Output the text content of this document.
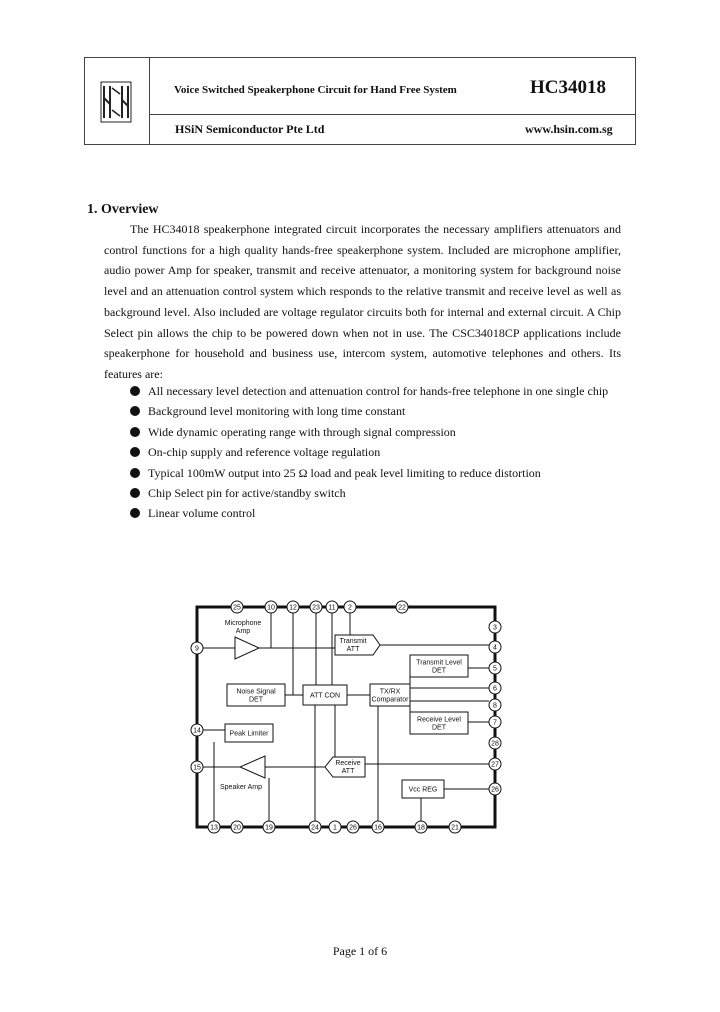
Voice Switched Speakerphone Circuit for Hand Free System	HC34018
HSiN Semiconductor Pte Ltd	www.hsin.com.sg
1. Overview

The HC34018 speakerphone integrated circuit incorporates the necessary amplifiers attenuators and control functions for a high quality hands-free speakerphone system. Included are microphone amplifier, audio power Amp for speaker, transmit and receive attenuator, a monitoring system for background noise level and an attenuation control system which responds to the relative transmit and receive level as well as background level. Also included are voltage regulator circuits both for internal and external circuit. A Chip Select pin allows the chip to be powered down when not in use. The CSC34018CP applications include speakerphone for household and business use, intercom system, automotive telephones and others. Its features are:

All necessary level detection and attenuation control for hands-free telephone in one single chip
Background level monitoring with long time constant
Wide dynamic operating range with through signal compression
On-chip supply and reference voltage regulation
Typical 100mW output into 25 Ω load and peak level limiting to reduce distortion
Chip Select pin for active/standby switch
Linear volume control
25	10 12 23 11 2	22
3
4
5
6
8
7
28
27
26
9
14
15
13 20	19	24 1 26 16	18	21
Microphone
Amp
Transmit
ATT
Transmit Level
DET
Receive Level
DET
Noise Signal
DET
ATT CON
TX/RX
Comparator
Peak Limiter
Receive
ATT
Speaker Amp	Vcc REG
Page 1 of 6
